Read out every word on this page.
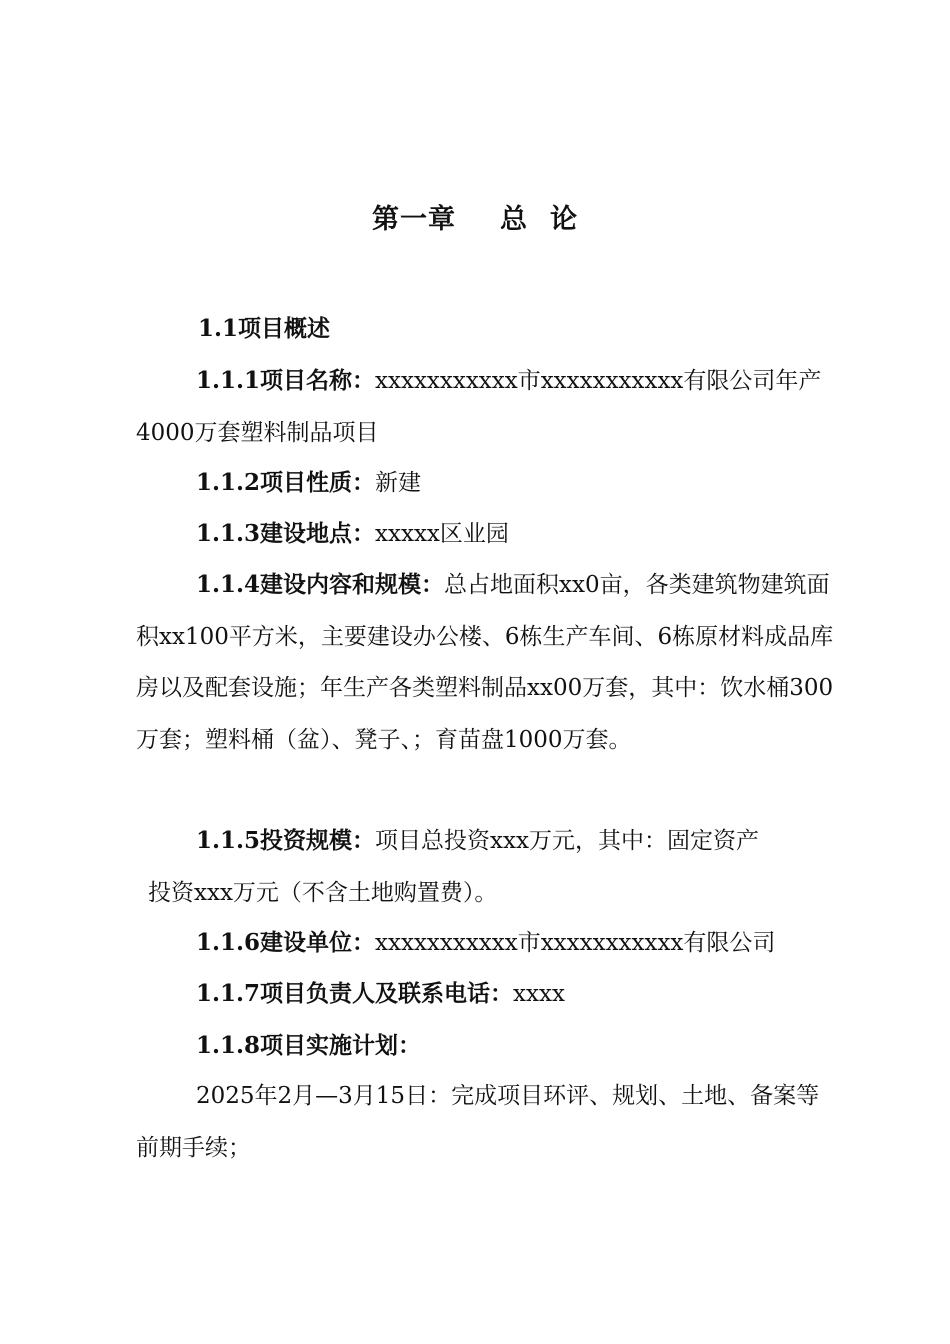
第一章 总 论
1.1项目概述

1.1.1项目名称：xxxxxxxxxxx市xxxxxxxxxxx有限公司年产4000万套塑料制品项目

1.1.2项目性质：新建

1.1.3建设地点：xxxxx区业园

1.1.4建设内容和规模：总占地面积xx0亩，各类建筑物建筑面积xx100平方米，主要建设办公楼、6栋生产车间、6栋原材料成品库房以及配套设施；年生产各类塑料制品xx00万套，其中：饮水桶300万套；塑料桶（盆）、凳子、；育苗盘1000万套。

1.1.5投资规模：项目总投资xxx万元，其中：固定资产
投资xxx万元（不含土地购置费）。

1.1.6建设单位：xxxxxxxxxxx市xxxxxxxxxxx有限公司

1.1.7项目负责人及联系电话：xxxx

1.1.8项目实施计划：

2025年2月—3月15日：完成项目环评、规划、土地、备案等前期手续；
